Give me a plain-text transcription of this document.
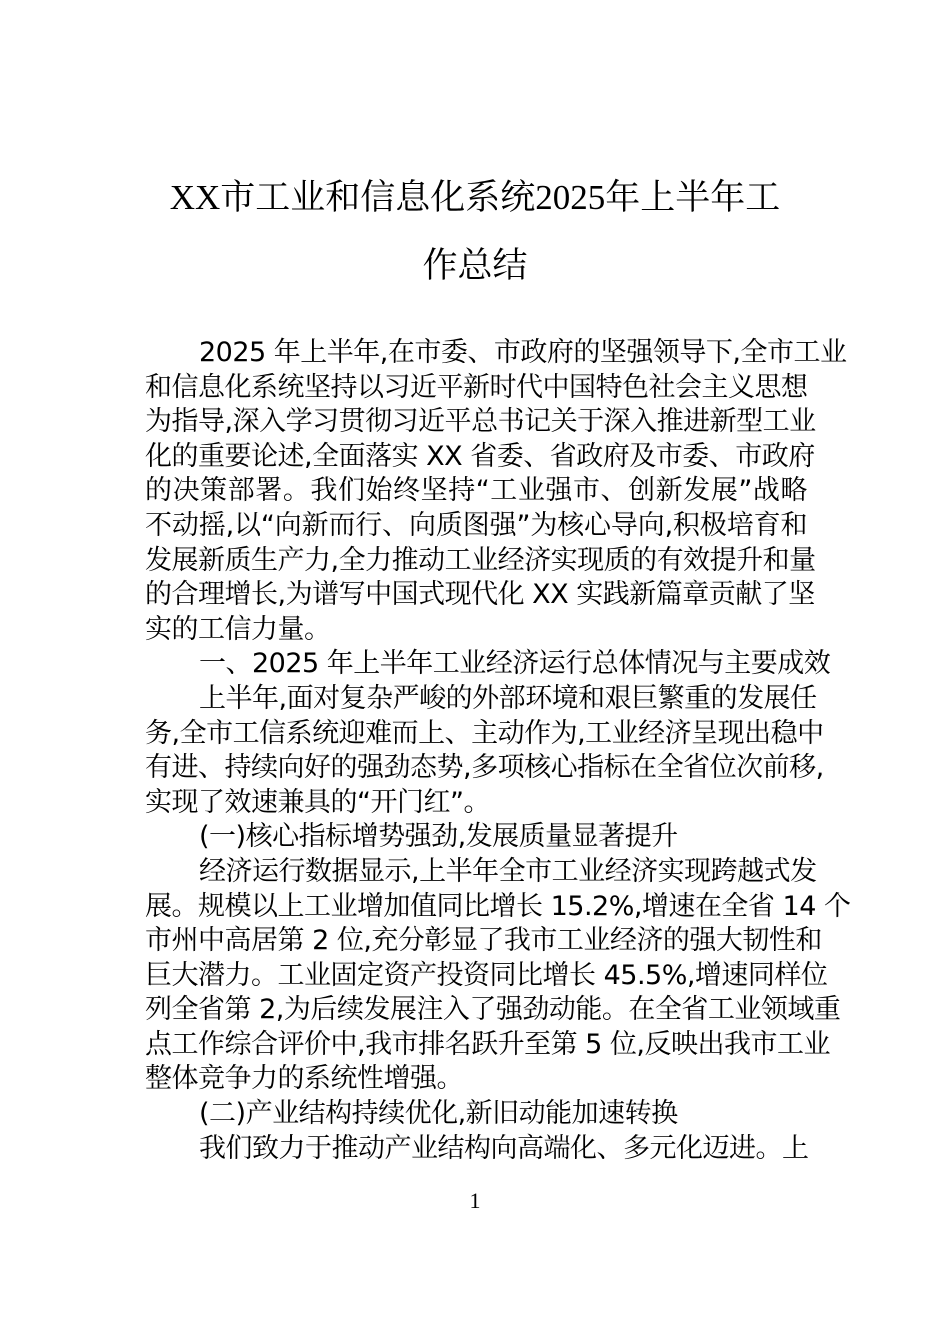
XX市工业和信息化系统2025年上半年工
作总结
2025 年上半年,在市委、市政府的坚强领导下,全市工业
和信息化系统坚持以习近平新时代中国特色社会主义思想
为指导,深入学习贯彻习近平总书记关于深入推进新型工业
化的重要论述,全面落实 XX 省委、省政府及市委、市政府
的决策部署。我们始终坚持“工业强市、创新发展”战略
不动摇,以“向新而行、向质图强”为核心导向,积极培育和
发展新质生产力,全力推动工业经济实现质的有效提升和量
的合理增长,为谱写中国式现代化 XX 实践新篇章贡献了坚
实的工信力量。
一、2025 年上半年工业经济运行总体情况与主要成效
上半年,面对复杂严峻的外部环境和艰巨繁重的发展任
务,全市工信系统迎难而上、主动作为,工业经济呈现出稳中
有进、持续向好的强劲态势,多项核心指标在全省位次前移,
实现了效速兼具的“开门红”。
(一)核心指标增势强劲,发展质量显著提升
经济运行数据显示,上半年全市工业经济实现跨越式发
展。规模以上工业增加值同比增长 15.2%,增速在全省 14 个
市州中高居第 2 位,充分彰显了我市工业经济的强大韧性和
巨大潜力。工业固定资产投资同比增长 45.5%,增速同样位
列全省第 2,为后续发展注入了强劲动能。在全省工业领域重
点工作综合评价中,我市排名跃升至第 5 位,反映出我市工业
整体竞争力的系统性增强。
(二)产业结构持续优化,新旧动能加速转换
我们致力于推动产业结构向高端化、多元化迈进。上
1
